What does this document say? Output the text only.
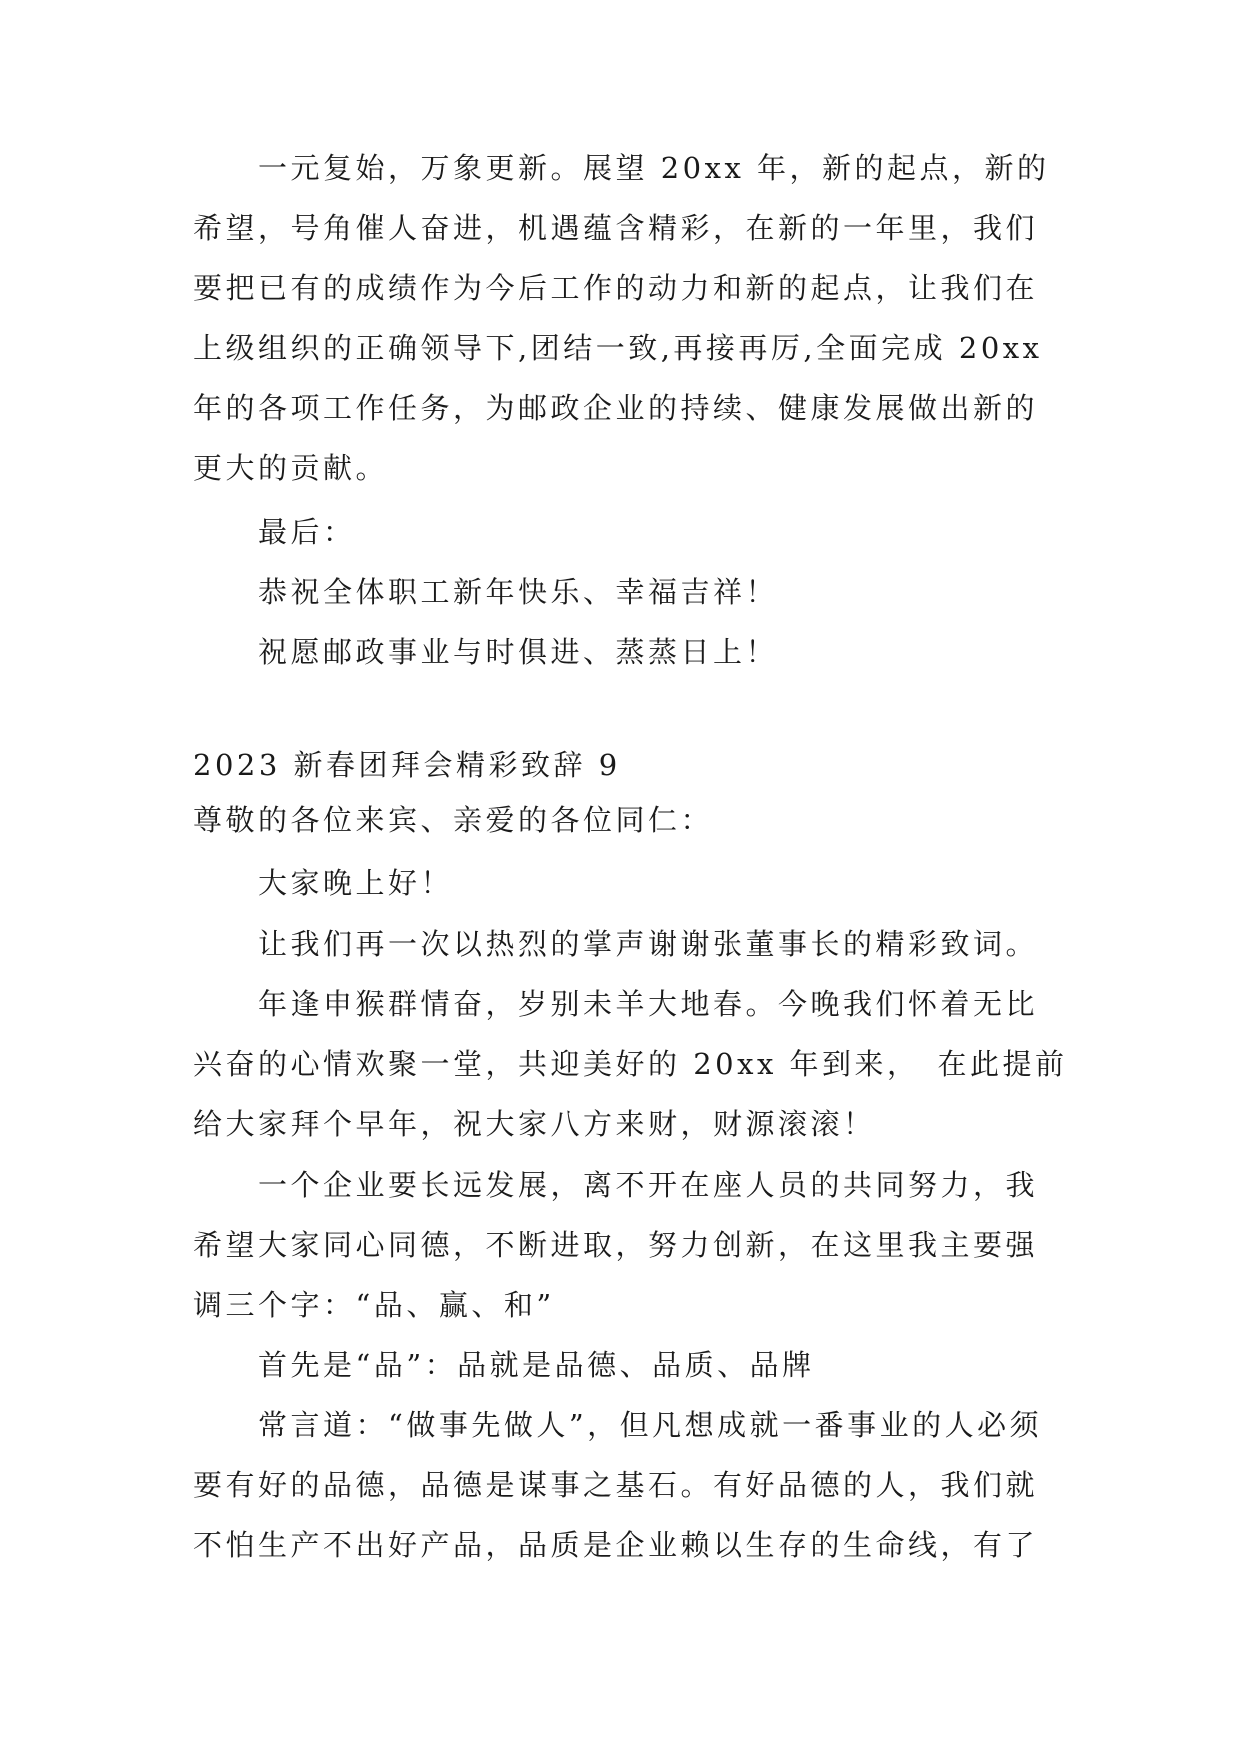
一元复始，万象更新。展望 20xx 年，新的起点，新的
希望，号角催人奋进，机遇蕴含精彩，在新的一年里，我们
要把已有的成绩作为今后工作的动力和新的起点，让我们在
上级组织的正确领导下,团结一致,再接再厉,全面完成 20xx
年的各项工作任务，为邮政企业的持续、健康发展做出新的
更大的贡献。
最后：
恭祝全体职工新年快乐、幸福吉祥！
祝愿邮政事业与时俱进、蒸蒸日上！
2023 新春团拜会精彩致辞 9
尊敬的各位来宾、亲爱的各位同仁：
大家晚上好！
让我们再一次以热烈的掌声谢谢张董事长的精彩致词。
年逢申猴群情奋，岁别未羊大地春。今晚我们怀着无比
兴奋的心情欢聚一堂，共迎美好的 20xx 年到来，　在此提前
给大家拜个早年，祝大家八方来财，财源滚滚！
一个企业要长远发展，离不开在座人员的共同努力，我
希望大家同心同德，不断进取，努力创新，在这里我主要强
调三个字：“品、赢、和”
首先是“品”：品就是品德、品质、品牌
常言道：“做事先做人”，但凡想成就一番事业的人必须
要有好的品德，品德是谋事之基石。有好品德的人，我们就
不怕生产不出好产品，品质是企业赖以生存的生命线，有了
